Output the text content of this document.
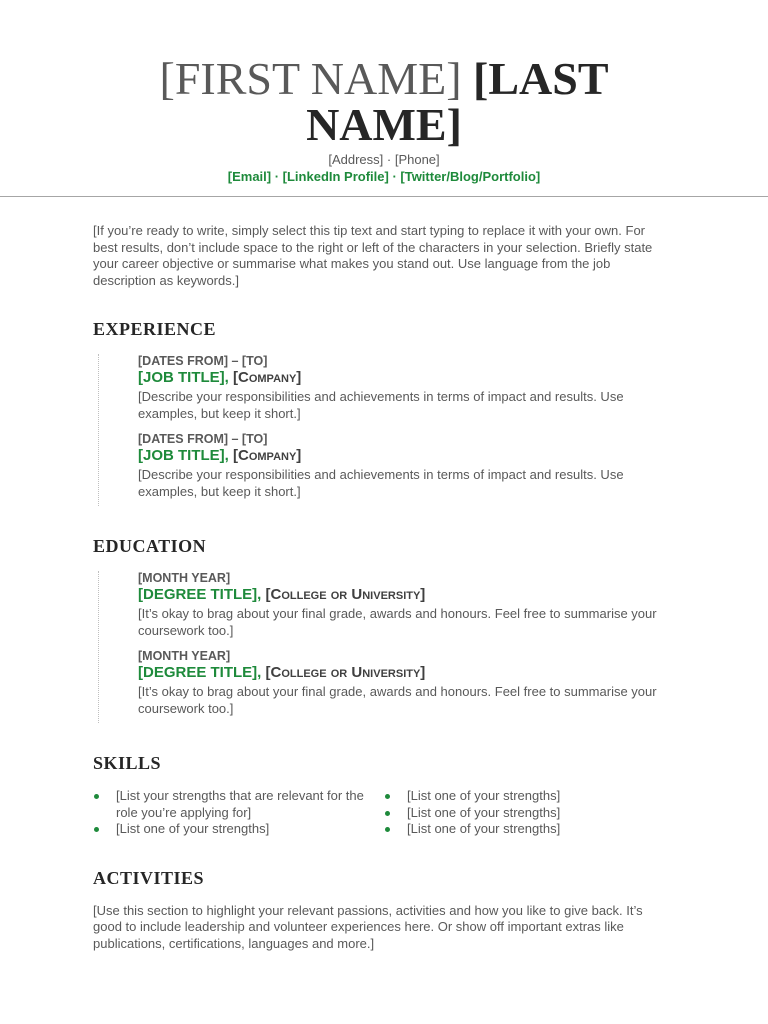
[FIRST NAME] [LAST NAME]
[Address] · [Phone]
[Email] · [LinkedIn Profile] · [Twitter/Blog/Portfolio]
[If you’re ready to write, simply select this tip text and start typing to replace it with your own. For best results, don’t include space to the right or left of the characters in your selection. Briefly state your career objective or summarise what makes you stand out. Use language from the job description as keywords.]
EXPERIENCE
[DATES FROM] – [TO]
[JOB TITLE], [Company]
[Describe your responsibilities and achievements in terms of impact and results. Use examples, but keep it short.]
[DATES FROM] – [TO]
[JOB TITLE], [Company]
[Describe your responsibilities and achievements in terms of impact and results. Use examples, but keep it short.]
EDUCATION
[MONTH YEAR]
[DEGREE TITLE], [College or University]
[It’s okay to brag about your final grade, awards and honours. Feel free to summarise your coursework too.]
[MONTH YEAR]
[DEGREE TITLE], [College or University]
[It’s okay to brag about your final grade, awards and honours. Feel free to summarise your coursework too.]
SKILLS
[List your strengths that are relevant for the role you’re applying for]
[List one of your strengths]
[List one of your strengths]
[List one of your strengths]
[List one of your strengths]
ACTIVITIES
[Use this section to highlight your relevant passions, activities and how you like to give back. It’s good to include leadership and volunteer experiences here. Or show off important extras like publications, certifications, languages and more.]
